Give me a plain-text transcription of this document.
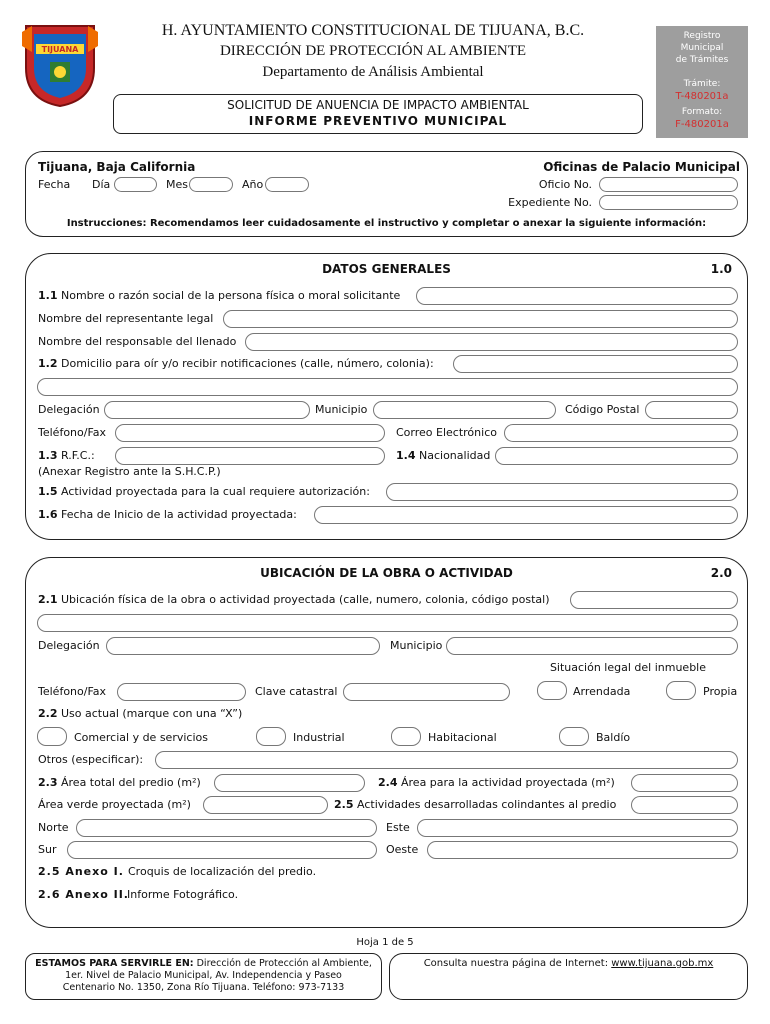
TIJUANA
H. AYUNTAMIENTO CONSTITUCIONAL DE TIJUANA, B.C.
DIRECCIÓN DE PROTECCIÓN AL AMBIENTE
Departamento de Análisis Ambiental
Registro
Municipal
de Trámites
Trámite:
T-480201a
Formato:
F-480201a
SOLICITUD DE ANUENCIA DE IMPACTO AMBIENTAL
INFORME PREVENTIVO MUNICIPAL
Tijuana, Baja California	Oficinas de Palacio Municipal
Fecha Día	Mes	Año	Oficio No.
Expediente No.
Instrucciones: Recomendamos leer cuidadosamente el instructivo y completar o anexar la siguiente información:
DATOS GENERALES	1.0
1.1 Nombre o razón social de la persona física o moral solicitante
Nombre del representante legal
Nombre del responsable del llenado
1.2 Domicilio para oír y/o recibir notificaciones (calle, número, colonia):
Delegación	Municipio	Código Postal
Teléfono/Fax	Correo Electrónico
1.3 R.F.C.:	1.4 Nacionalidad
(Anexar Registro ante la S.H.C.P.)
1.5 Actividad proyectada para la cual requiere autorización:
1.6 Fecha de Inicio de la actividad proyectada:
UBICACIÓN DE LA OBRA O ACTIVIDAD	2.0
2.1 Ubicación física de la obra o actividad proyectada (calle, numero, colonia, código postal)
Delegación	Municipio
Situación legal del inmueble
Teléfono/Fax	Clave catastral	Arrendada	Propia
2.2 Uso actual (marque con una “X”)
Comercial y de servicios	Industrial	Habitacional	Baldío
Otros (especificar):
2.3 Área total del predio (m²)	2.4 Área para la actividad proyectada (m²)
Área verde proyectada (m²)	2.5 Actividades desarrolladas colindantes al predio
Norte	Este
Sur	Oeste
2.5 Anexo I. Croquis de localización del predio.
2.6 Anexo II.
Informe Fotográfico.
Hoja 1 de 5
ESTAMOS PARA SERVIRLE EN: Dirección de Protección al Ambiente,
1er. Nivel de Palacio Municipal, Av. Independencia y Paseo
Centenario No. 1350, Zona Río Tijuana. Teléfono: 973-7133
Consulta nuestra página de Internet: www.tijuana.gob.mx
